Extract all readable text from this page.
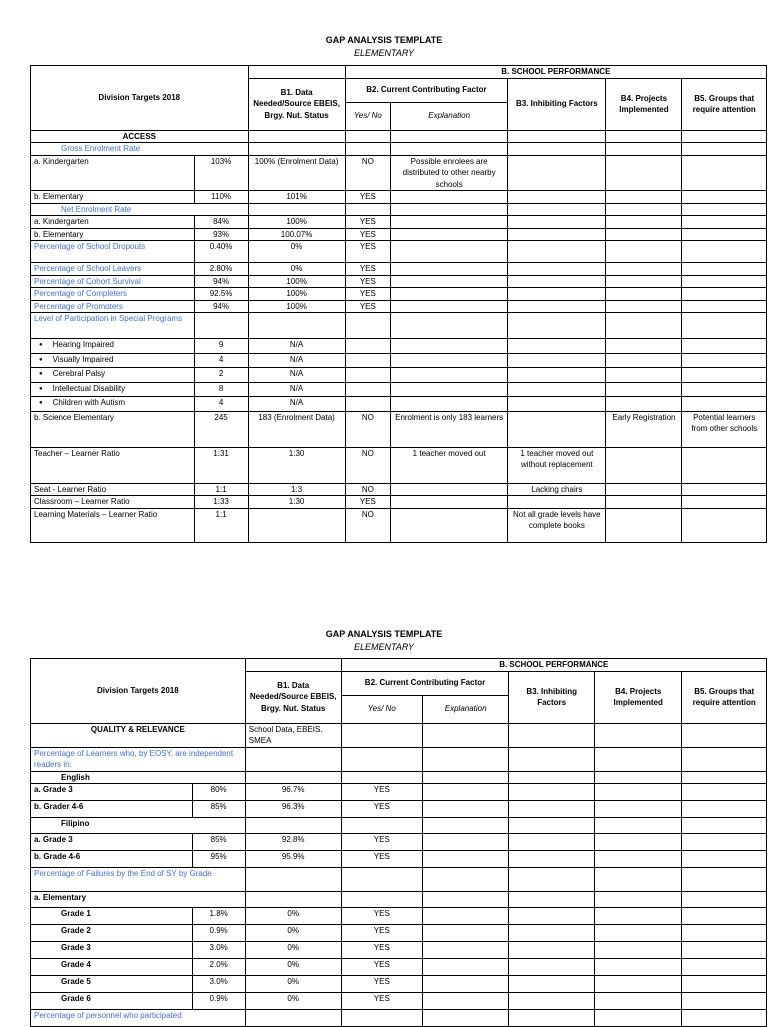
GAP ANALYSIS TEMPLATE

ELEMENTARY

Division Targets 2018			B. SCHOOL PERFORMANCE				
		B1. Data Needed/Source EBEIS, Brgy. Nut. Status	B2. Current Contributing Factor		B3. Inhibiting Factors	B4. Projects Implemented	B5. Groups that require attention
			Yes/ No	Explanation			
ACCESS							
Gross Enrolment Rate							
a. Kindergarten	103%	100% (Enrolment Data)	NO	Possible enrolees are distributed to other nearby schools			
b. Elementary	110%	101%	YES				
Net Enrolment Rate							
a. Kindergarten	84%	100%	YES				
b. Elementary	93%	100.07%	YES				
Percentage of School Dropouts	0.40%	0%	YES				
Percentage of School Leavers	2.80%	0%	YES				
Percentage of Cohort Survival	94%	100%	YES				
Percentage of Completers	92.5%	100%	YES				
Percentage of Promoters	94%	100%	YES				
Level of Participation in Special Programs							
● Hearing Impaired	9	N/A					
● Visually Impaired	4	N/A					
● Cerebral Palsy	2	N/A					
● Intellectual Disability	8	N/A					
● Children with Autism	4	N/A					
b. Science Elementary	245	183 (Enrolment Data)	NO	Enrolment is only 183 learners		Early Registration	Potential learners from other schools
Teacher – Learner Ratio	1:31	1:30	NO	1 teacher moved out	1 teacher moved out without replacement		
Seat - Learner Ratio	1:1	1:3	NO		Lacking chairs		
Classroom – Learner Ratio	1:33	1:30	YES				
Learning Materials – Learner Ratio	1:1		NO		Not all grade levels have complete books		

GAP ANALYSIS TEMPLATE

ELEMENTARY

Division Targets 2018			B. SCHOOL PERFORMANCE				
		B1. Data Needed/Source EBEIS, Brgy. Nut. Status	B2. Current Contributing Factor		B3. Inhibiting Factors	B4. Projects Implemented	B5. Groups that require attention
			Yes/ No	Explanation			
QUALITY & RELEVANCE		School Data, EBEIS. SMEA					
Percentage of Learners who, by EOSY, are independent readers in:							
English							
a. Grade 3	80%	96.7%	YES				
b. Grader 4-6	85%	96.3%	YES				
Filipino							
a. Grade 3	85%	92.8%	YES				
b. Grade 4-6	95%	95.9%	YES				
Percentage of Failures by the End of SY by Grade							
a. Elementary							
Grade 1	1.8%	0%	YES				
Grade 2	0.9%	0%	YES				
Grade 3	3.0%	0%	YES				
Grade 4	2.0%	0%	YES				
Grade 5	3.0%	0%	YES				
Grade 6	0.9%	0%	YES				
Percentage of personnel who participated							
